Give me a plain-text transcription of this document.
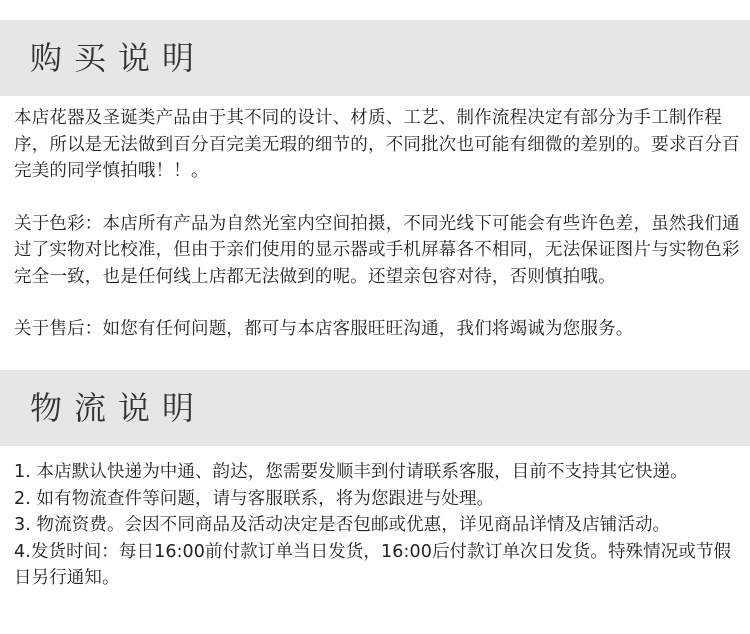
购买说明

本店花器及圣诞类产品由于其不同的设计、材质、工艺、制作流程决定有部分为手工制作程序，所以是无法做到百分百完美无瑕的细节的，不同批次也可能有细微的差别的。要求百分百完美的同学慎拍哦！！。

关于色彩：本店所有产品为自然光室内空间拍摄，不同光线下可能会有些许色差，虽然我们通过了实物对比校准，但由于亲们使用的显示器或手机屏幕各不相同，无法保证图片与实物色彩完全一致，也是任何线上店都无法做到的呢。还望亲包容对待，否则慎拍哦。

关于售后：如您有任何问题，都可与本店客服旺旺沟通，我们将竭诚为您服务。

物流说明

1. 本店默认快递为中通、韵达，您需要发顺丰到付请联系客服，目前不支持其它快递。

2. 如有物流查件等问题，请与客服联系，将为您跟进与处理。

3. 物流资费。会因不同商品及活动决定是否包邮或优惠，详见商品详情及店铺活动。

4.发货时间：每日16:00前付款订单当日发货，16:00后付款订单次日发货。特殊情况或节假日另行通知。
